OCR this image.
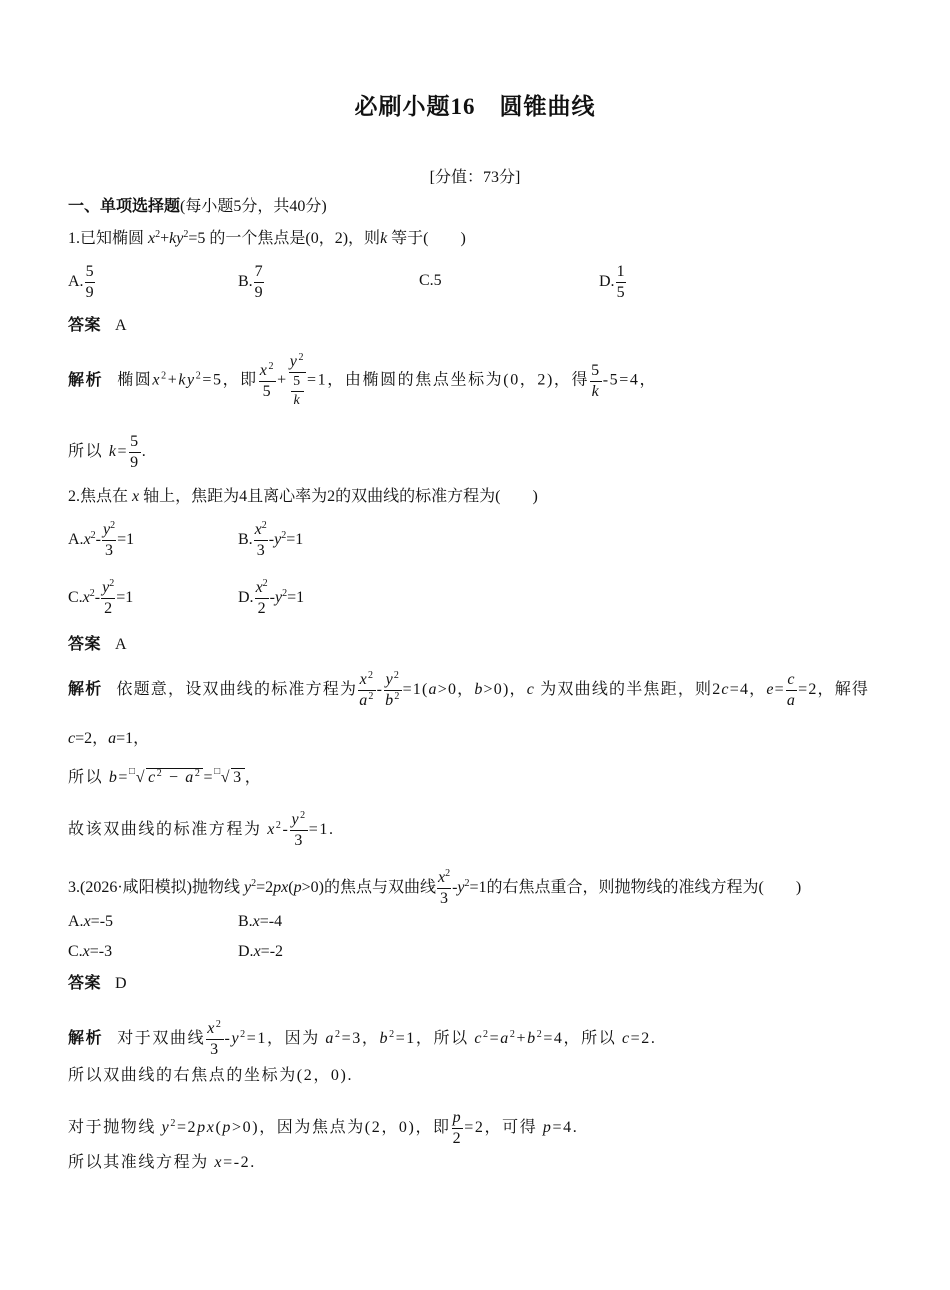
必刷小题16　圆锥曲线
[分值：73分]
一、单项选择题(每小题5分，共40分)
1.已知椭圆 $x^2+ky^2=5$ 的一个焦点是(0，2)，则k 等于(　　)
A. $\frac{5}{9}$	B. $\frac{7}{9}$	C.5	D. $\frac{1}{5}$
答案 A
解析 椭圆$x^2+ky^2=5$，即 $\frac{x^2}{5} + y^2$
5
k =1，由椭圆的焦点坐标为(0，2)，得 $\frac{5}{k} -5=4$，
所以 $k= \frac{5}{9}$ .
2.焦点在 x 轴上，焦距为4且离心率为2的双曲线的标准方程为(　　)
$A.x^2- \frac{y^2}{3} =1$	B. $\frac{x^2}{3} -y^2=1$
$C.x^2- \frac{y^2}{2} =1$	D. $\frac{x^2}{2} -y^2=1$
答案 A
解析 依题意，设双曲线的标准方程为 $\frac{x^2}{a^2} - \frac{y^2}{b^2} =1(a>0$，b>0)，c 为双曲线的半焦距，则2c=4，$e= \frac{c}{a} =2$，解得
c=2，a=1，
所以 b=□√ $c^2 - a^2 =^□√$ 3 ，
故该双曲线的标准方程为 $x^2- \frac{y^2}{3} =1$.
3.(2026·咸阳模拟)抛物线 $y^2=2px(p>0)$的焦点与双曲线 $\frac{x^2}{3} -y^2=1$的右焦点重合，则抛物线的准线方程为(　　)
A.x=-5	B.x=-4
C.x=-3	D.x=-2
答案 D
解析 对于双曲线 $\frac{x^2}{3} -y^2=1$，因为 $a^2=3$，$b^2=1$，所以 $c^2=a^2+b^2=4$，所以 c=2.
所以双曲线的右焦点的坐标为(2，0).
对于抛物线 $y^2=2px(p>0)$，因为焦点为(2，0)，即 $\frac{p}{2} =2$，可得 p=4.
所以其准线方程为 x=-2.
